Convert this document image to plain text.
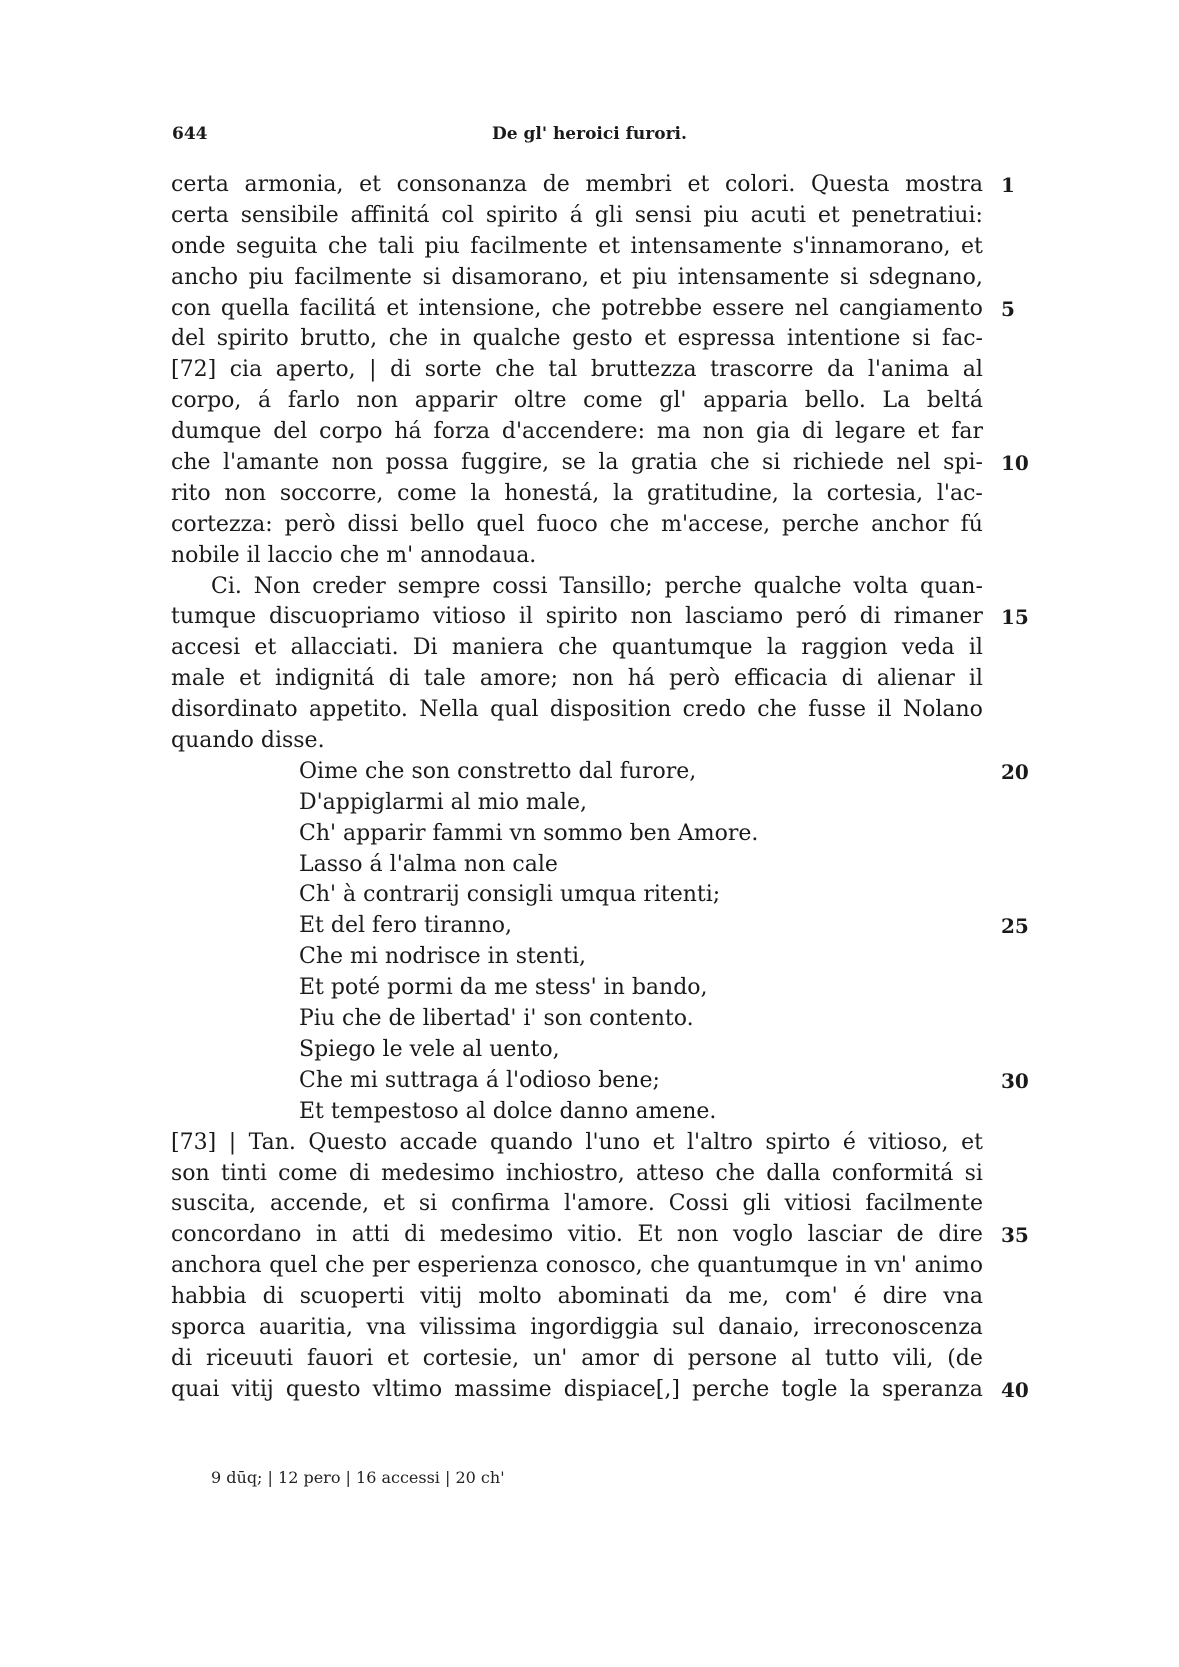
644	De gl' heroici furori.
certa armonia, et consonanza de membri et colori. Questa mostra 1
certa sensibile affinitá col spirito á gli sensi piu acuti et penetratiui:
onde seguita che tali piu facilmente et intensamente s'innamorano, et
ancho piu facilmente si disamorano, et piu intensamente si sdegnano,
con quella facilitá et intensione, che potrebbe essere nel cangiamento 5
del spirito brutto, che in qualche gesto et espressa intentione si fac-
[72] cia aperto, | di sorte che tal bruttezza trascorre da l'anima al
corpo, á farlo non apparir oltre come gl' apparia bello. La beltá
dumque del corpo há forza d'accendere: ma non gia di legare et far
che l'amante non possa fuggire, se la gratia che si richiede nel spi- 10
rito non soccorre, come la honestá, la gratitudine, la cortesia, l'ac-
cortezza: però dissi bello quel fuoco che m'accese, perche anchor fú
nobile il laccio che m' annodaua.
Ci. Non creder sempre cossi Tansillo; perche qualche volta quan-
tumque discuopriamo vitioso il spirito non lasciamo peró di rimaner 15
accesi et allacciati. Di maniera che quantumque la raggion veda il
male et indignitá di tale amore; non há però efficacia di alienar il
disordinato appetito. Nella qual disposition credo che fusse il Nolano
quando disse.
Oime che son constretto dal furore,	20
D'appiglarmi al mio male,
Ch' apparir fammi vn sommo ben Amore.
Lasso á l'alma non cale
Ch' à contrarij consigli umqua ritenti;
Et del fero tiranno,	25
Che mi nodrisce in stenti,
Et poté pormi da me stess' in bando,
Piu che de libertad' i' son contento.
Spiego le vele al uento,
Che mi suttraga á l'odioso bene;	30
Et tempestoso al dolce danno amene.
[73] | Tan. Questo accade quando l'uno et l'altro spirto é vitioso, et
son tinti come di medesimo inchiostro, atteso che dalla conformitá si
suscita, accende, et si confirma l'amore. Cossi gli vitiosi facilmente
concordano in atti di medesimo vitio. Et non voglo lasciar de dire 35
anchora quel che per esperienza conosco, che quantumque in vn' animo
habbia di scuoperti vitij molto abominati da me, com' é dire vna
sporca auaritia, vna vilissima ingordiggia sul danaio, irreconoscenza
di riceuuti fauori et cortesie, un' amor di persone al tutto vili, (de
quai vitij questo vltimo massime dispiace[,] perche togle la speranza 40
9 dūq; | 12 pero | 16 accessi | 20 ch'
